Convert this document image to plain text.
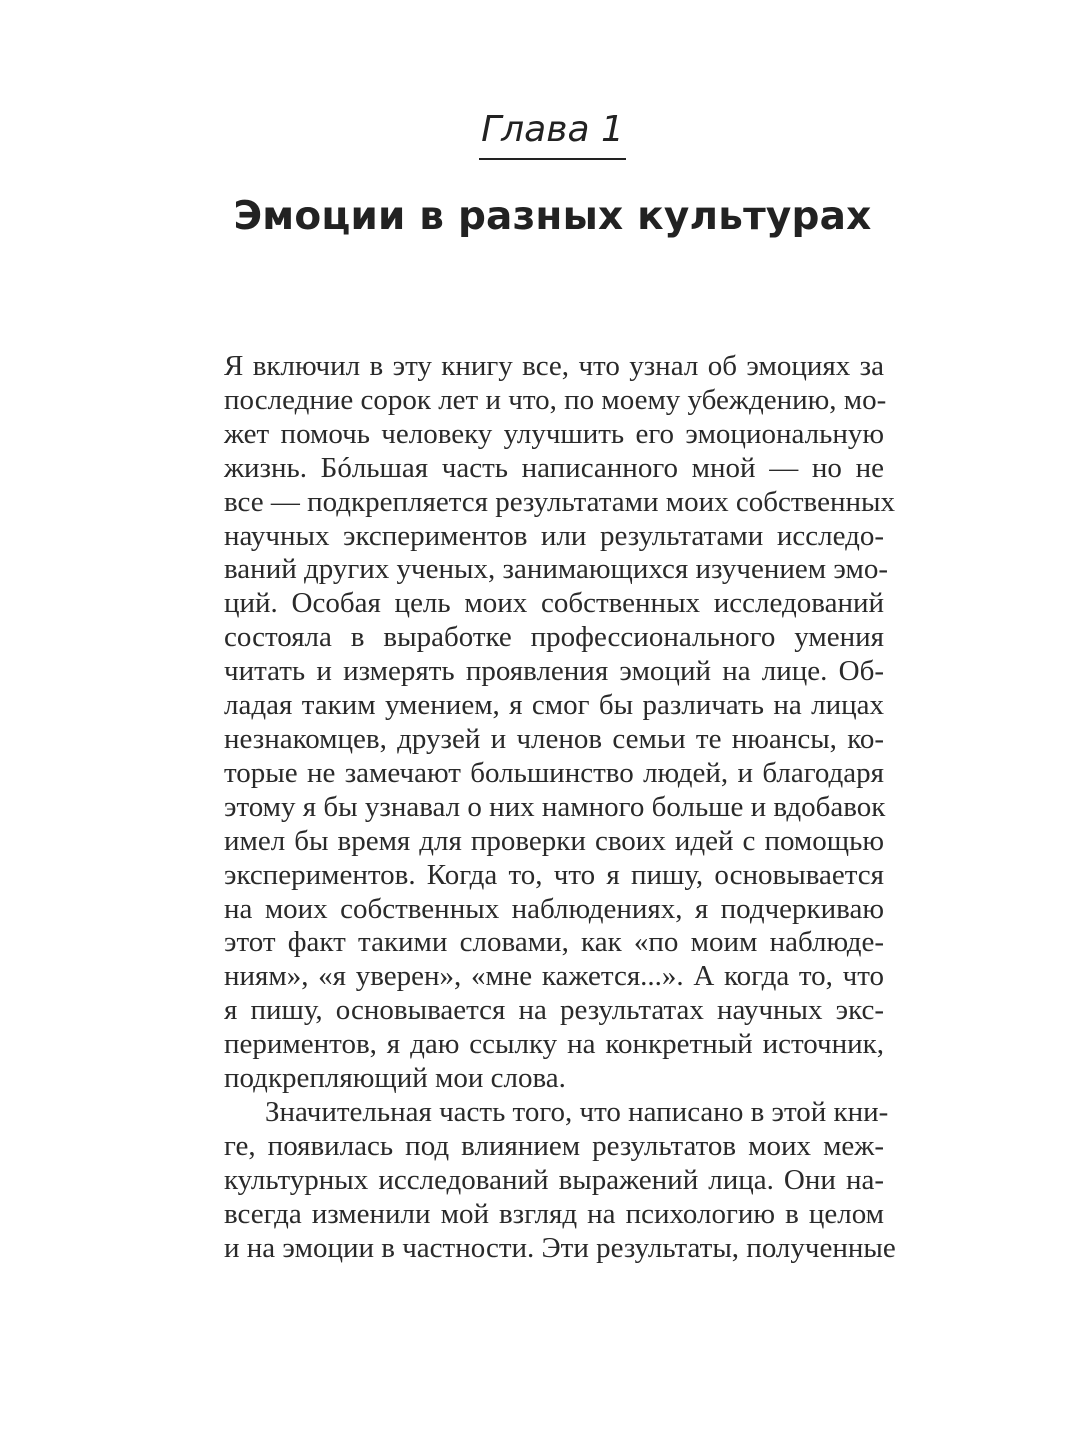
Глава 1
Эмоции в разных культурах
Я включил в эту книгу все, что узнал об эмоциях за
последние сорок лет и что, по моему убеждению, мо-
жет помочь человеку улучшить его эмоциональную
жизнь. Бóльшая часть написанного мной — но не
все — подкрепляется результатами моих собственных
научных экспериментов или результатами исследо-
ваний других ученых, занимающихся изучением эмо-
ций. Особая цель моих собственных исследований
состояла в выработке профессионального умения
читать и измерять проявления эмоций на лице. Об-
ладая таким умением, я смог бы различать на лицах
незнакомцев, друзей и членов семьи те нюансы, ко-
торые не замечают большинство людей, и благодаря
этому я бы узнавал о них намного больше и вдобавок
имел бы время для проверки своих идей с помощью
экспериментов. Когда то, что я пишу, основывается
на моих собственных наблюдениях, я подчеркиваю
этот факт такими словами, как «по моим наблюде-
ниям», «я уверен», «мне кажется...». А когда то, что
я пишу, основывается на результатах научных экс-
периментов, я даю ссылку на конкретный источник,
подкрепляющий мои слова.
Значительная часть того, что написано в этой кни-
ге, появилась под влиянием результатов моих меж-
культурных исследований выражений лица. Они на-
всегда изменили мой взгляд на психологию в целом
и на эмоции в частности. Эти результаты, полученные
